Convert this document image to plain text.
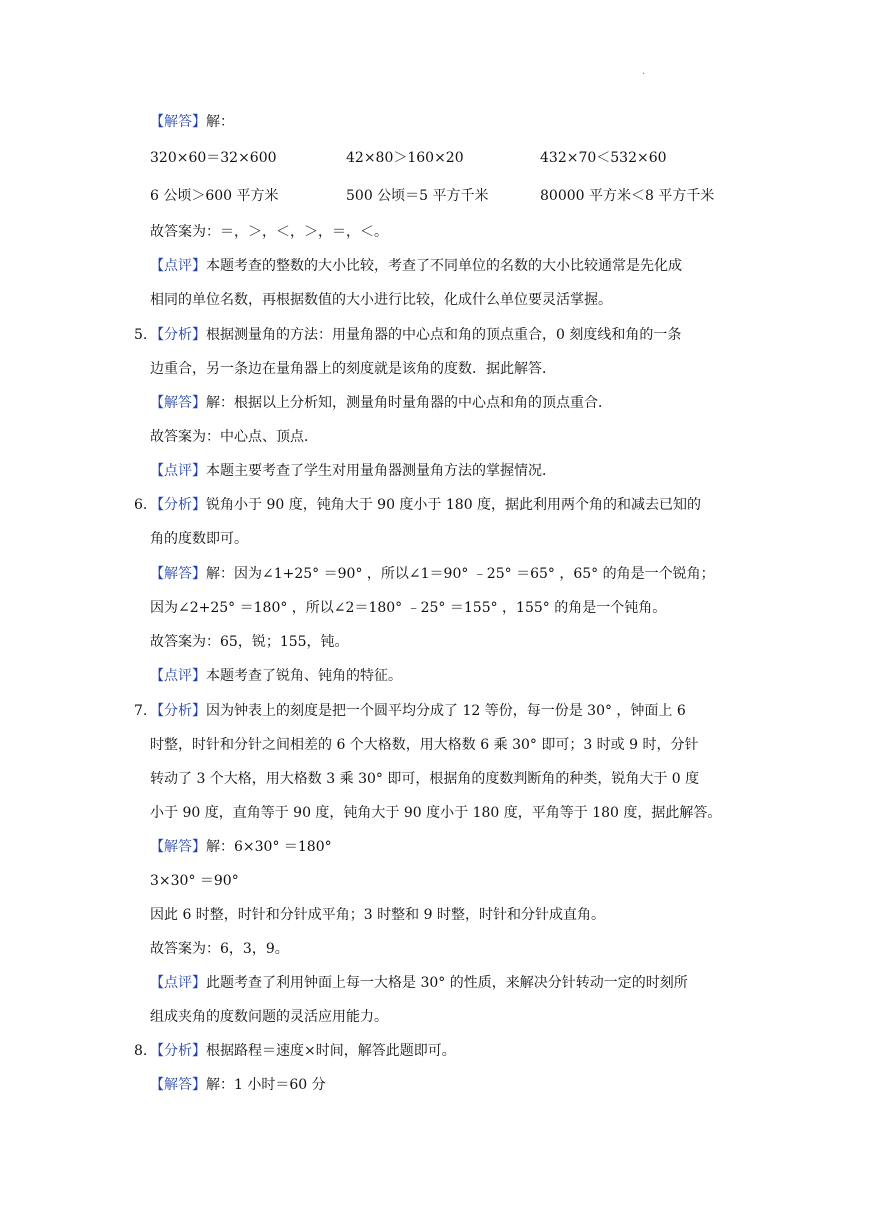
.
【解答】解：
320×60＝32×600	42×80＞160×20	432×70＜532×60
6 公顷＞600 平方米	500 公顷＝5 平方千米	80000 平方米＜8 平方千米
故答案为：＝，＞，＜，＞，＝，＜。
【点评】本题考查的整数的大小比较，考查了不同单位的名数的大小比较通常是先化成
相同的单位名数，再根据数值的大小进行比较，化成什么单位要灵活掌握。
5. 【分析】根据测量角的方法：用量角器的中心点和角的顶点重合，0 刻度线和角的一条
边重合，另一条边在量角器上的刻度就是该角的度数．据此解答．
【解答】解：根据以上分析知，测量角时量角器的中心点和角的顶点重合．
故答案为：中心点、顶点．
【点评】本题主要考查了学生对用量角器测量角方法的掌握情况．
6. 【分析】锐角小于 90 度，钝角大于 90 度小于 180 度，据此利用两个角的和减去已知的
角的度数即可。
【解答】解：因为∠1+25° ＝90° ，所以∠1＝90° ﹣25° ＝65° ，65° 的角是一个锐角；
因为∠2+25° ＝180° ，所以∠2＝180° ﹣25° ＝155° ，155° 的角是一个钝角。
故答案为：65，锐；155，钝。
【点评】本题考查了锐角、钝角的特征。
7. 【分析】因为钟表上的刻度是把一个圆平均分成了 12 等份，每一份是 30° ，钟面上 6
时整，时针和分针之间相差的 6 个大格数，用大格数 6 乘 30° 即可；3 时或 9 时，分针
转动了 3 个大格，用大格数 3 乘 30° 即可，根据角的度数判断角的种类，锐角大于 0 度
小于 90 度，直角等于 90 度，钝角大于 90 度小于 180 度，平角等于 180 度，据此解答。
【解答】解：6×30° ＝180°
3×30° ＝90°
因此 6 时整，时针和分针成平角；3 时整和 9 时整，时针和分针成直角。
故答案为：6，3，9。
【点评】此题考查了利用钟面上每一大格是 30° 的性质，来解决分针转动一定的时刻所
组成夹角的度数问题的灵活应用能力。
8. 【分析】根据路程＝速度×时间，解答此题即可。
【解答】解：1 小时＝60 分
